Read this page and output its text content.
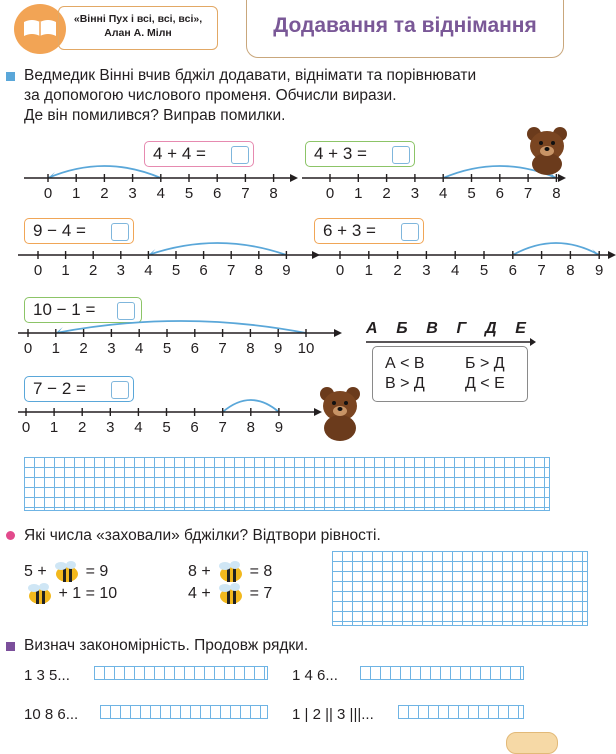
«Вінні Пух і всі, всі, всі»,
Алан А. Мілн	Додавання та віднімання
Ведмедик Вінні вчив бджіл додавати, віднімати та порівнювати
за допомогою числового променя. Обчисли вирази.
Де він помилився? Виправ помилки.
4 + 4 =	4 + 3 =
9 − 4 =	6 + 3 =
10 − 1 =
7 − 2 =
0 1 2 3 4 5 6 7 8	0 1 2 3 4 5 6 7 8
0 1 2 3 4 5 6 7 8 9	0 1 2 3 4 5 6 7 8 9
0 1 2 3 4 5 6 7 8 9 10
0 1 2 3 4 5 6 7 8 9
А Б В Г Д Е
А < В	Б > Д
В > Д	Д < Е
Які числа «заховали» бджілки? Відтвори рівності.
5 + = 9	8 + = 8
+ 1 = 10	4 + = 7
Визнач закономірність. Продовж рядки.
1 3 5...	1 4 6...
10 8 6...	1 | 2 || 3 |||...
